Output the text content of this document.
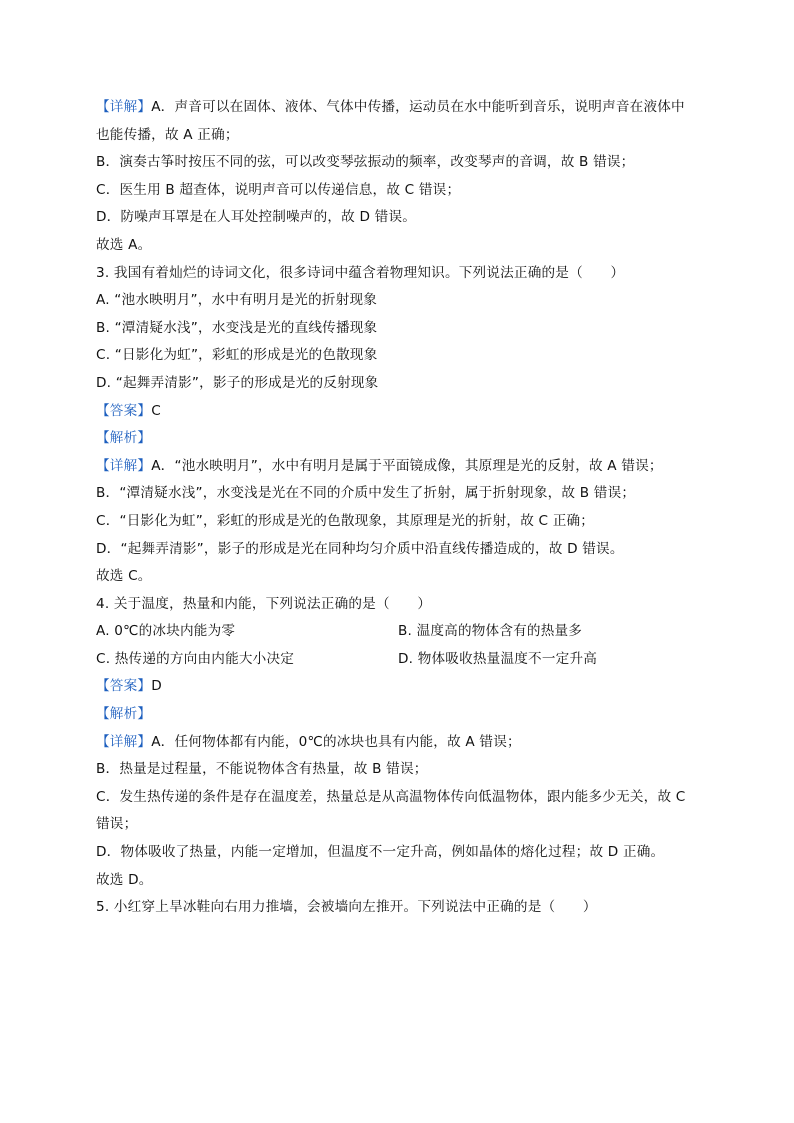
【详解】A．声音可以在固体、液体、气体中传播，运动员在水中能听到音乐，说明声音在液体中
也能传播，故 A 正确；
B．演奏古筝时按压不同的弦，可以改变琴弦振动的频率，改变琴声的音调，故 B 错误；
C．医生用 B 超查体，说明声音可以传递信息，故 C 错误；
D．防噪声耳罩是在人耳处控制噪声的，故 D 错误。
故选 A。
3. 我国有着灿烂的诗词文化，很多诗词中蕴含着物理知识。下列说法正确的是（　　）
A. “池水映明月”，水中有明月是光的折射现象
B. “潭清疑水浅”，水变浅是光的直线传播现象
C. “日影化为虹”，彩虹的形成是光的色散现象
D. “起舞弄清影”，影子的形成是光的反射现象
【答案】C
【解析】
【详解】A．“池水映明月”，水中有明月是属于平面镜成像，其原理是光的反射，故 A 错误；
B．“潭清疑水浅”，水变浅是光在不同的介质中发生了折射，属于折射现象，故 B 错误；
C．“日影化为虹”，彩虹的形成是光的色散现象，其原理是光的折射，故 C 正确；
D．“起舞弄清影”，影子的形成是光在同种均匀介质中沿直线传播造成的，故 D 错误。
故选 C。
4. 关于温度，热量和内能，下列说法正确的是（　　）
A. 0℃的冰块内能为零	B. 温度高的物体含有的热量多
C. 热传递的方向由内能大小决定	D. 物体吸收热量温度不一定升高
【答案】D
【解析】
【详解】A．任何物体都有内能，0℃的冰块也具有内能，故 A 错误；
B．热量是过程量，不能说物体含有热量，故 B 错误；
C．发生热传递的条件是存在温度差，热量总是从高温物体传向低温物体，跟内能多少无关，故 C
错误；
D．物体吸收了热量，内能一定增加，但温度不一定升高，例如晶体的熔化过程；故 D 正确。
故选 D。
5. 小红穿上旱冰鞋向右用力推墙，会被墙向左推开。下列说法中正确的是（　　）
